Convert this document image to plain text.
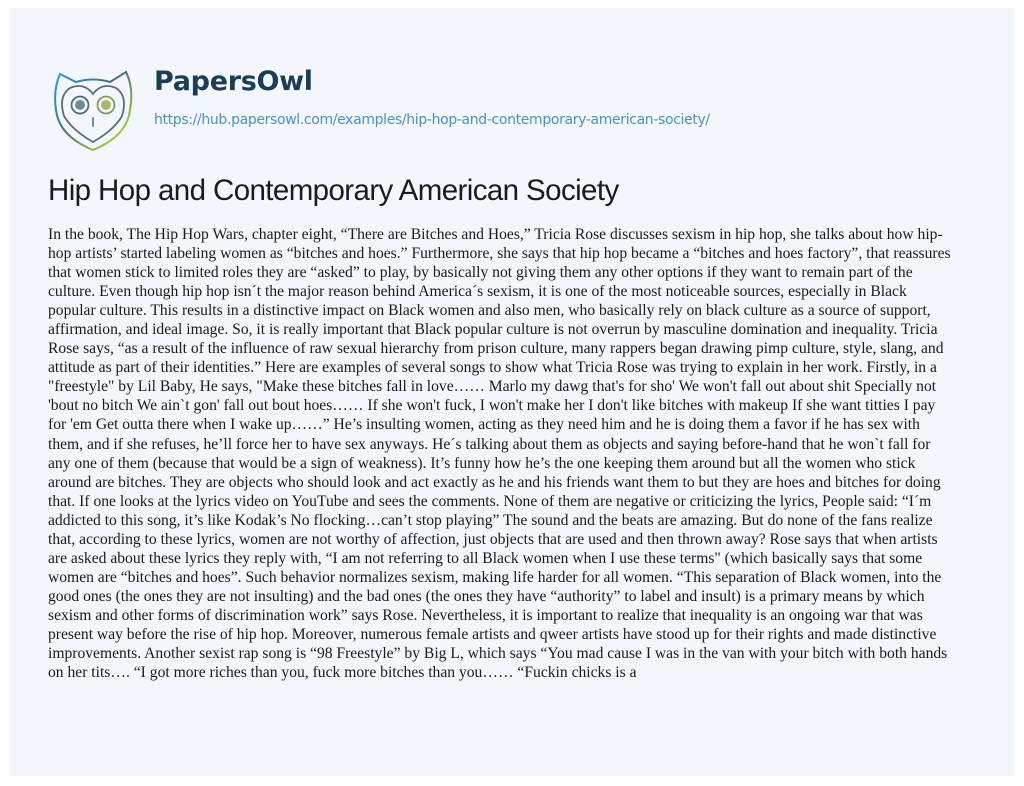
PapersOwl
https://hub.papersowl.com/examples/hip-hop-and-contemporary-american-society/
Hip Hop and Contemporary American Society
In the book, The Hip Hop Wars, chapter eight, “There are Bitches and Hoes,” Tricia Rose discusses sexism in hip hop, she talks about how hip-
hop artists’ started labeling women as “bitches and hoes.” Furthermore, she says that hip hop became a “bitches and hoes factory”, that reassures
that women stick to limited roles they are “asked” to play, by basically not giving them any other options if they want to remain part of the
culture. Even though hip hop isn´t the major reason behind America´s sexism, it is one of the most noticeable sources, especially in Black
popular culture. This results in a distinctive impact on Black women and also men, who basically rely on black culture as a source of support,
affirmation, and ideal image. So, it is really important that Black popular culture is not overrun by masculine domination and inequality. Tricia
Rose says, “as a result of the influence of raw sexual hierarchy from prison culture, many rappers began drawing pimp culture, style, slang, and
attitude as part of their identities.” Here are examples of several songs to show what Tricia Rose was trying to explain in her work. Firstly, in a
"freestyle" by Lil Baby, He says, "Make these bitches fall in love…… Marlo my dawg that's for sho' We won't fall out about shit Specially not
'bout no bitch We ain`t gon' fall out bout hoes…… If she won't fuck, I won't make her I don't like bitches with makeup If she want titties I pay
for 'em Get outta there when I wake up……” He’s insulting women, acting as they need him and he is doing them a favor if he has sex with
them, and if she refuses, he’ll force her to have sex anyways. He´s talking about them as objects and saying before-hand that he won`t fall for
any one of them (because that would be a sign of weakness). It’s funny how he’s the one keeping them around but all the women who stick
around are bitches. They are objects who should look and act exactly as he and his friends want them to but they are hoes and bitches for doing
that. If one looks at the lyrics video on YouTube and sees the comments. None of them are negative or criticizing the lyrics, People said: “I´m
addicted to this song, it’s like Kodak’s No flocking…can’t stop playing” The sound and the beats are amazing. But do none of the fans realize
that, according to these lyrics, women are not worthy of affection, just objects that are used and then thrown away? Rose says that when artists
are asked about these lyrics they reply with, “I am not referring to all Black women when I use these terms" (which basically says that some
women are “bitches and hoes”. Such behavior normalizes sexism, making life harder for all women. “This separation of Black women, into the
good ones (the ones they are not insulting) and the bad ones (the ones they have “authority” to label and insult) is a primary means by which
sexism and other forms of discrimination work” says Rose. Nevertheless, it is important to realize that inequality is an ongoing war that was
present way before the rise of hip hop. Moreover, numerous female artists and qweer artists have stood up for their rights and made distinctive
improvements. Another sexist rap song is “98 Freestyle” by Big L, which says “You mad cause I was in the van with your bitch with both hands
on her tits…. “I got more riches than you, fuck more bitches than you…… “Fuckin chicks is a
